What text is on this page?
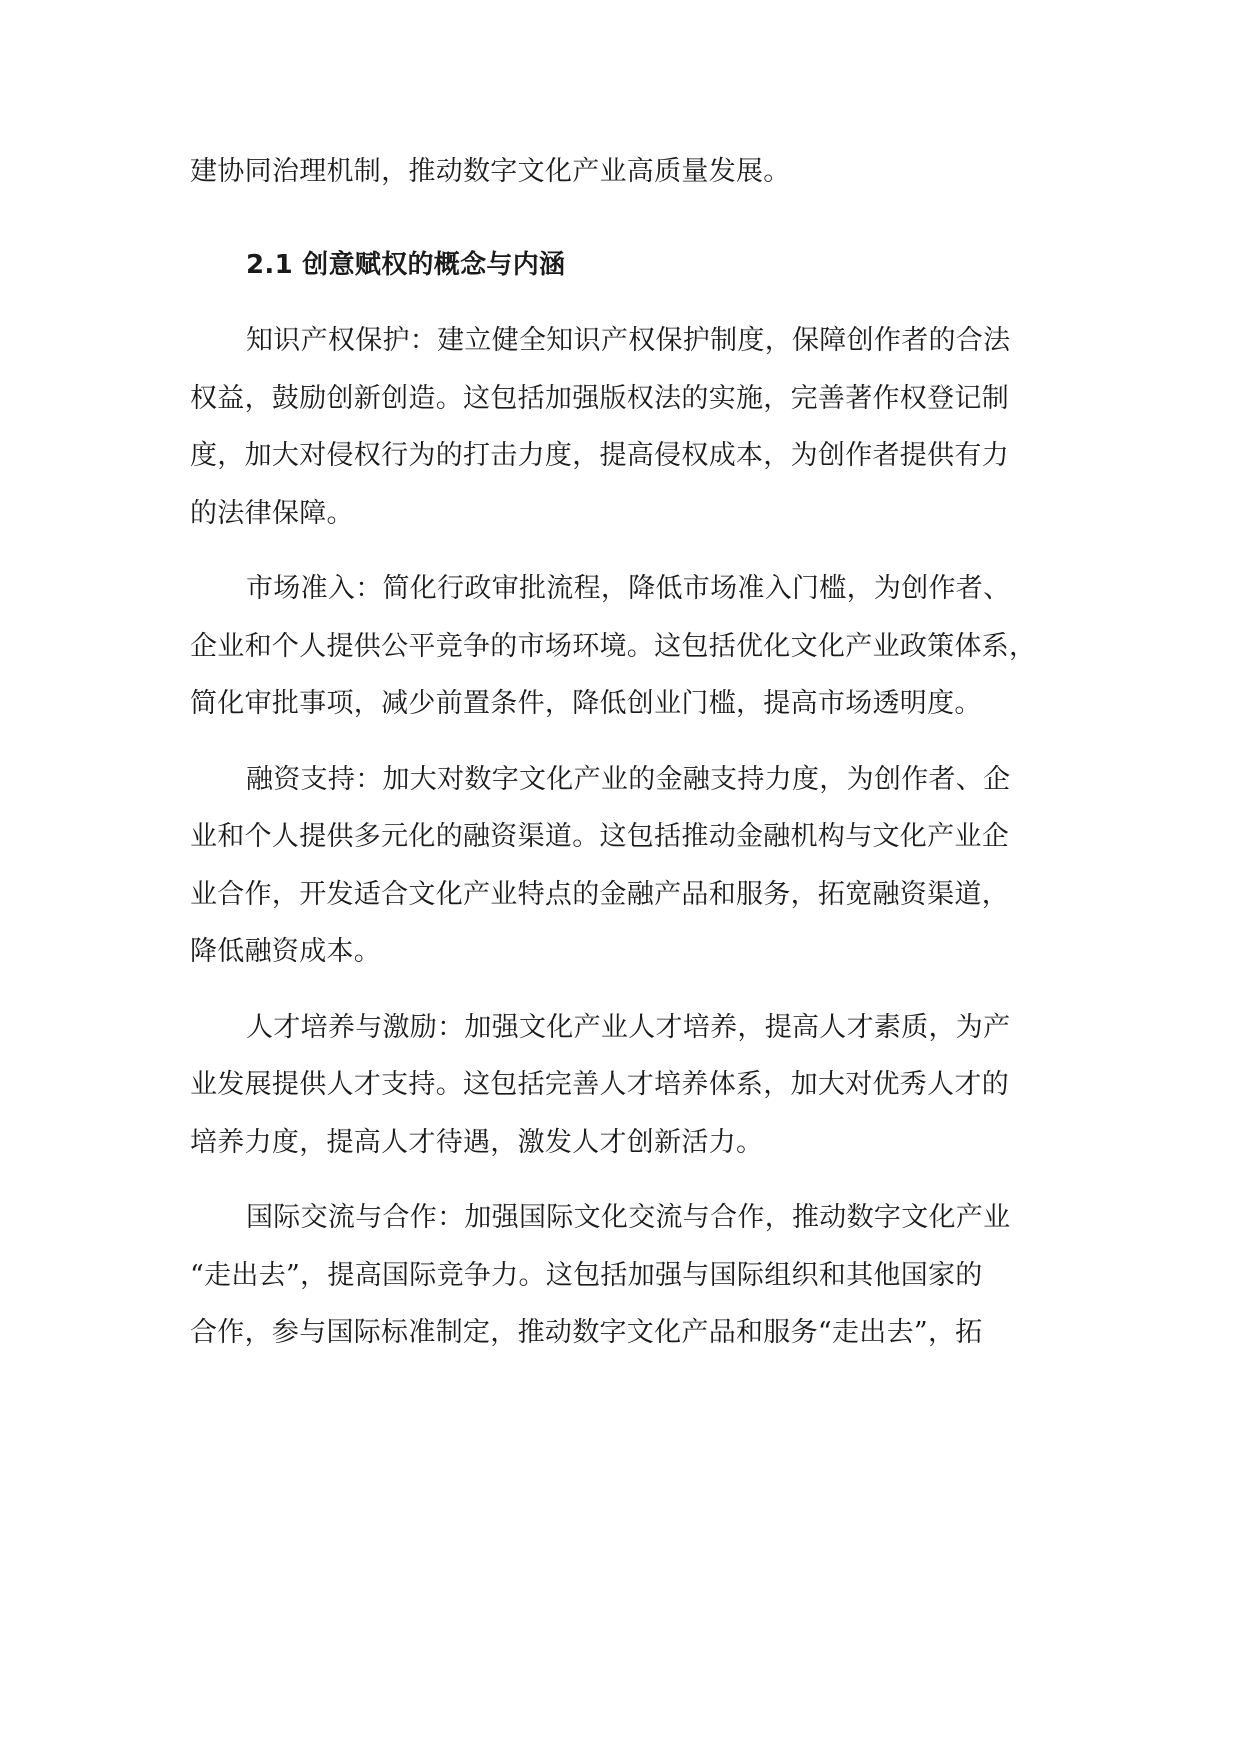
建协同治理机制，推动数字文化产业高质量发展。
2.1 创意赋权的概念与内涵
知识产权保护：建立健全知识产权保护制度，保障创作者的合法
权益，鼓励创新创造。这包括加强版权法的实施，完善著作权登记制
度，加大对侵权行为的打击力度，提高侵权成本，为创作者提供有力
的法律保障。
市场准入：简化行政审批流程，降低市场准入门槛，为创作者、
企业和个人提供公平竞争的市场环境。这包括优化文化产业政策体系，
简化审批事项，减少前置条件，降低创业门槛，提高市场透明度。
融资支持：加大对数字文化产业的金融支持力度，为创作者、企
业和个人提供多元化的融资渠道。这包括推动金融机构与文化产业企
业合作，开发适合文化产业特点的金融产品和服务，拓宽融资渠道，
降低融资成本。
人才培养与激励：加强文化产业人才培养，提高人才素质，为产
业发展提供人才支持。这包括完善人才培养体系，加大对优秀人才的
培养力度，提高人才待遇，激发人才创新活力。
国际交流与合作：加强国际文化交流与合作，推动数字文化产业
“走出去”，提高国际竞争力。这包括加强与国际组织和其他国家的
合作，参与国际标准制定，推动数字文化产品和服务“走出去”，拓
